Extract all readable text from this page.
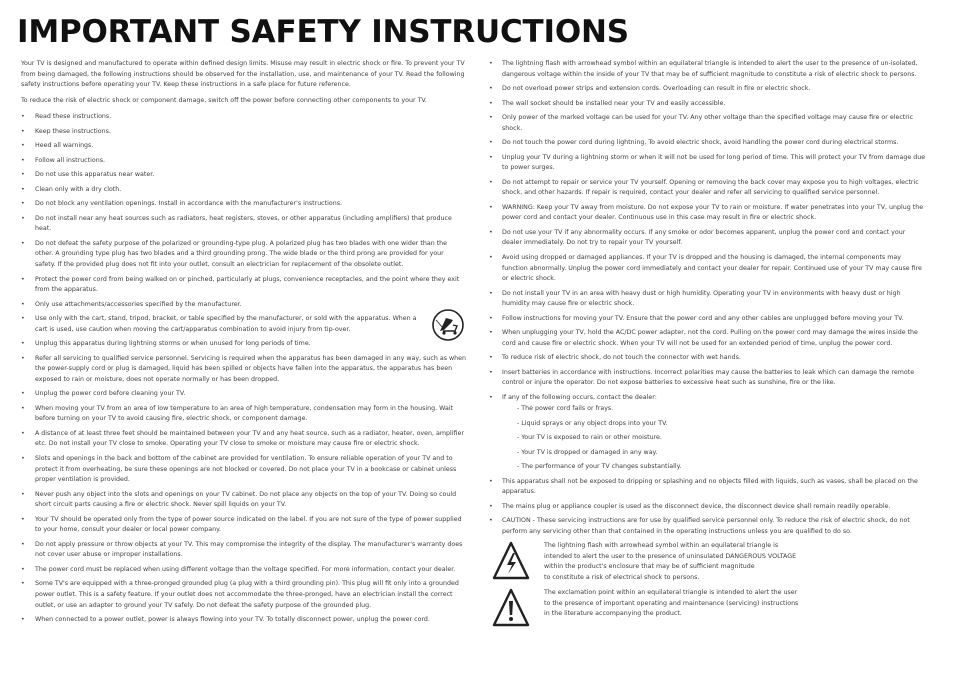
IMPORTANT SAFETY INSTRUCTIONS

Your TV is designed and manufactured to operate within defined design limits. Misuse may result in electric shock or fire. To prevent your TV from being damaged, the following instructions should be observed for the installation, use, and maintenance of your TV. Read the following safety instructions before operating your TV. Keep these instructions in a safe place for future reference.

To reduce the risk of electric shock or component damage, switch off the power before connecting other components to your TV.

• Read these instructions.
• Keep these instructions.
• Heed all warnings.
• Follow all instructions.
• Do not use this apparatus near water.
• Clean only with a dry cloth.
• Do not block any ventilation openings. Install in accordance with the manufacturer's instructions.
• Do not install near any heat sources such as radiators, heat registers, stoves, or other apparatus (including amplifiers) that produce heat.
• Do not defeat the safety purpose of the polarized or grounding-type plug. A polarized plug has two blades with one wider than the other. A grounding type plug has two blades and a third grounding prong. The wide blade or the third prong are provided for your safety. If the provided plug does not fit into your outlet, consult an electrician for replacement of the obsolete outlet.
• Protect the power cord from being walked on or pinched, particularly at plugs, convenience receptacles, and the point where they exit from the apparatus.
• Only use attachments/accessories specified by the manufacturer.
• Use only with the cart, stand, tripod, bracket, or table specified by the manufacturer, or sold with the apparatus. When a cart is used, use caution when moving the cart/apparatus combination to avoid injury from tip-over.
• Unplug this apparatus during lightning storms or when unused for long periods of time.
• Refer all servicing to qualified service personnel. Servicing is required when the apparatus has been damaged in any way, such as when the power-supply cord or plug is damaged, liquid has been spilled or objects have fallen into the apparatus, the apparatus has been exposed to rain or moisture, does not operate normally or has been dropped.
• Unplug the power cord before cleaning your TV.
• When moving your TV from an area of low temperature to an area of high temperature, condensation may form in the housing. Wait before turning on your TV to avoid causing fire, electric shock, or component damage.
• A distance of at least three feet should be maintained between your TV and any heat source, such as a radiator, heater, oven, amplifier etc. Do not install your TV close to smoke. Operating your TV close to smoke or moisture may cause fire or electric shock.
• Slots and openings in the back and bottom of the cabinet are provided for ventilation. To ensure reliable operation of your TV and to protect it from overheating, be sure these openings are not blocked or covered. Do not place your TV in a bookcase or cabinet unless proper ventilation is provided.
• Never push any object into the slots and openings on your TV cabinet. Do not place any objects on the top of your TV. Doing so could short circuit parts causing a fire or electric shock. Never spill liquids on your TV.
• Your TV should be operated only from the type of power source indicated on the label. If you are not sure of the type of power supplied to your home, consult your dealer or local power company.
• Do not apply pressure or throw objects at your TV. This may compromise the integrity of the display. The manufacturer's warranty does not cover user abuse or improper installations.
• The power cord must be replaced when using different voltage than the voltage specified. For more information, contact your dealer.
• Some TV's are equipped with a three-pronged grounded plug (a plug with a third grounding pin). This plug will fit only into a grounded power outlet. This is a safety feature. If your outlet does not accommodate the three-pronged, have an electrician install the correct outlet, or use an adapter to ground your TV safely. Do not defeat the safety purpose of the grounded plug.
• When connected to a power outlet, power is always flowing into your TV. To totally disconnect power, unplug the power cord.
• The lightning flash with arrowhead symbol within an equilateral triangle is intended to alert the user to the presence of un-isolated, dangerous voltage within the inside of your TV that may be of sufficient magnitude to constitute a risk of electric shock to persons.
• Do not overload power strips and extension cords. Overloading can result in fire or electric shock.
• The wall socket should be installed near your TV and easily accessible.
• Only power of the marked voltage can be used for your TV. Any other voltage than the specified voltage may cause fire or electric shock.
• Do not touch the power cord during lightning. To avoid electric shock, avoid handling the power cord during electrical storms.
• Unplug your TV during a lightning storm or when it will not be used for long period of time. This will protect your TV from damage due to power surges.
• Do not attempt to repair or service your TV yourself. Opening or removing the back cover may expose you to high voltages, electric shock, and other hazards. If repair is required, contact your dealer and refer all servicing to qualified service personnel.
• WARNING: Keep your TV away from moisture. Do not expose your TV to rain or moisture. If water penetrates into your TV, unplug the power cord and contact your dealer. Continuous use in this case may result in fire or electric shock.
• Do not use your TV if any abnormality occurs. If any smoke or odor becomes apparent, unplug the power cord and contact your dealer immediately. Do not try to repair your TV yourself.
• Avoid using dropped or damaged appliances. If your TV is dropped and the housing is damaged, the internal components may function abnormally. Unplug the power cord immediately and contact your dealer for repair. Continued use of your TV may cause fire or electric shock.
• Do not install your TV in an area with heavy dust or high humidity. Operating your TV in environments with heavy dust or high humidity may cause fire or electric shock.
• Follow instructions for moving your TV. Ensure that the power cord and any other cables are unplugged before moving your TV.
• When unplugging your TV, hold the AC/DC power adapter, not the cord. Pulling on the power cord may damage the wires inside the cord and cause fire or electric shock. When your TV will not be used for an extended period of time, unplug the power cord.
• To reduce risk of electric shock, do not touch the connector with wet hands.
• Insert batteries in accordance with instructions. Incorrect polarities may cause the batteries to leak which can damage the remote control or injure the operator. Do not expose batteries to excessive heat such as sunshine, fire or the like.
• If any of the following occurs, contact the dealer:
- The power cord fails or frays.
- Liquid sprays or any object drops into your TV.
- Your TV is exposed to rain or other moisture.
- Your TV is dropped or damaged in any way.
- The performance of your TV changes substantially.
• This apparatus shall not be exposed to dripping or splashing and no objects filled with liquids, such as vases, shall be placed on the apparatus.
• The mains plug or appliance coupler is used as the disconnect device, the disconnect device shall remain readily operable.
• CAUTION - These servicing instructions are for use by qualified service personnel only. To reduce the risk of electric shock, do not perform any servicing other than that contained in the operating instructions unless you are qualified to do so.
The lightning flash with arrowhead symbol within an equilateral triangle is
intended to alert the user to the presence of uninsulated DANGEROUS VOLTAGE
within the product's enclosure that may be of sufficient magnitude
to constitute a risk of electrical shock to persons.
The exclamation point within an equilateral triangle is intended to alert the user
to the presence of important operating and maintenance (servicing) instructions
in the literature accompanying the product.
